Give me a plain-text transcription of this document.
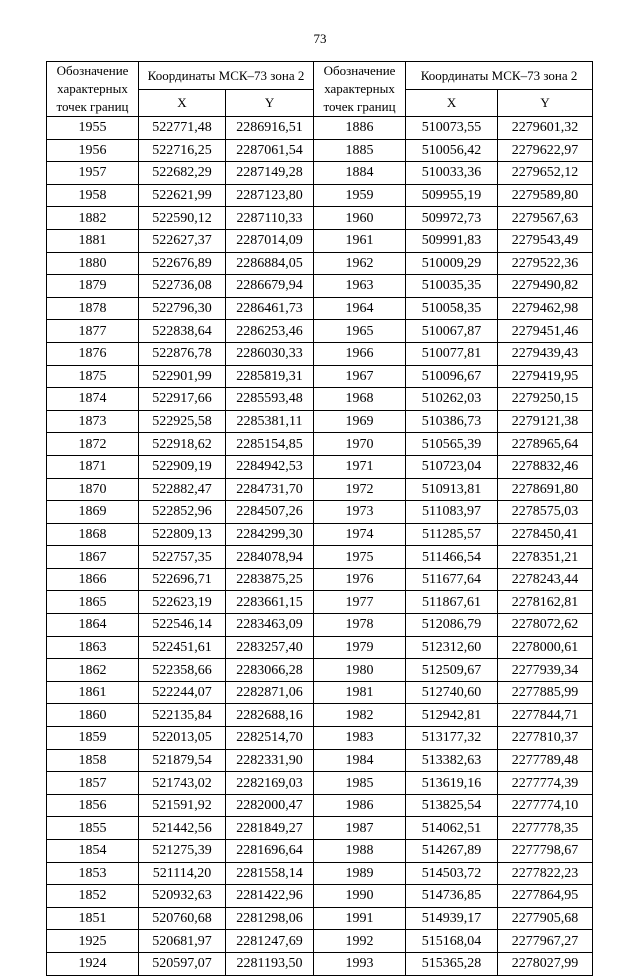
73
Обозначение характерных точек границ	Координаты МСК–73 зона 2		Обозначение характерных точек границ	Координаты МСК–73 зона 2	
	X	Y		X	Y
1955	522771,48	2286916,51	1886	510073,55	2279601,32
1956	522716,25	2287061,54	1885	510056,42	2279622,97
1957	522682,29	2287149,28	1884	510033,36	2279652,12
1958	522621,99	2287123,80	1959	509955,19	2279589,80
1882	522590,12	2287110,33	1960	509972,73	2279567,63
1881	522627,37	2287014,09	1961	509991,83	2279543,49
1880	522676,89	2286884,05	1962	510009,29	2279522,36
1879	522736,08	2286679,94	1963	510035,35	2279490,82
1878	522796,30	2286461,73	1964	510058,35	2279462,98
1877	522838,64	2286253,46	1965	510067,87	2279451,46
1876	522876,78	2286030,33	1966	510077,81	2279439,43
1875	522901,99	2285819,31	1967	510096,67	2279419,95
1874	522917,66	2285593,48	1968	510262,03	2279250,15
1873	522925,58	2285381,11	1969	510386,73	2279121,38
1872	522918,62	2285154,85	1970	510565,39	2278965,64
1871	522909,19	2284942,53	1971	510723,04	2278832,46
1870	522882,47	2284731,70	1972	510913,81	2278691,80
1869	522852,96	2284507,26	1973	511083,97	2278575,03
1868	522809,13	2284299,30	1974	511285,57	2278450,41
1867	522757,35	2284078,94	1975	511466,54	2278351,21
1866	522696,71	2283875,25	1976	511677,64	2278243,44
1865	522623,19	2283661,15	1977	511867,61	2278162,81
1864	522546,14	2283463,09	1978	512086,79	2278072,62
1863	522451,61	2283257,40	1979	512312,60	2278000,61
1862	522358,66	2283066,28	1980	512509,67	2277939,34
1861	522244,07	2282871,06	1981	512740,60	2277885,99
1860	522135,84	2282688,16	1982	512942,81	2277844,71
1859	522013,05	2282514,70	1983	513177,32	2277810,37
1858	521879,54	2282331,90	1984	513382,63	2277789,48
1857	521743,02	2282169,03	1985	513619,16	2277774,39
1856	521591,92	2282000,47	1986	513825,54	2277774,10
1855	521442,56	2281849,27	1987	514062,51	2277778,35
1854	521275,39	2281696,64	1988	514267,89	2277798,67
1853	521114,20	2281558,14	1989	514503,72	2277822,23
1852	520932,63	2281422,96	1990	514736,85	2277864,95
1851	520760,68	2281298,06	1991	514939,17	2277905,68
1925	520681,97	2281247,69	1992	515168,04	2277967,27
1924	520597,07	2281193,50	1993	515365,28	2278027,99
